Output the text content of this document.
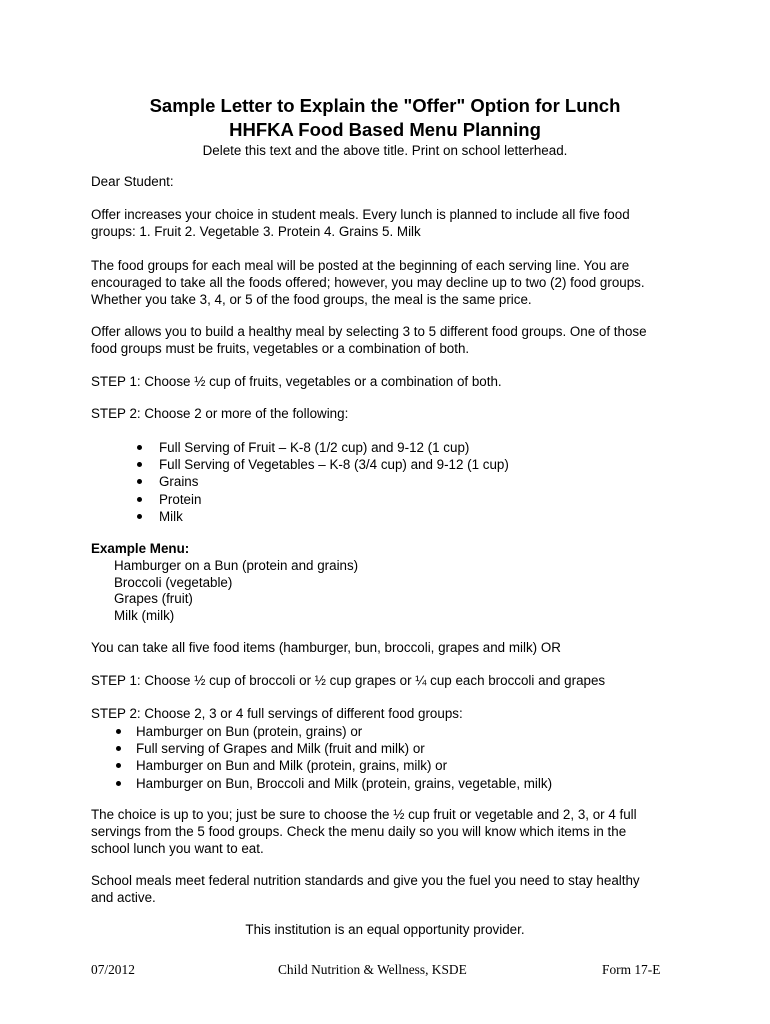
Sample Letter to Explain the "Offer" Option for Lunch
HHFKA Food Based Menu Planning
Delete this text and the above title. Print on school letterhead.
Dear Student:
Offer increases your choice in student meals. Every lunch is planned to include all five food
groups: 1. Fruit 2. Vegetable 3. Protein 4. Grains 5. Milk
The food groups for each meal will be posted at the beginning of each serving line. You are
encouraged to take all the foods offered; however, you may decline up to two (2) food groups.
Whether you take 3, 4, or 5 of the food groups, the meal is the same price.
Offer allows you to build a healthy meal by selecting 3 to 5 different food groups. One of those
food groups must be fruits, vegetables or a combination of both.
STEP 1: Choose ½ cup of fruits, vegetables or a combination of both.
STEP 2: Choose 2 or more of the following:
Full Serving of Fruit – K-8 (1/2 cup) and 9-12 (1 cup)
Full Serving of Vegetables – K-8 (3/4 cup) and 9-12 (1 cup)
Grains
Protein
Milk
Example Menu:
Hamburger on a Bun (protein and grains)
Broccoli (vegetable)
Grapes (fruit)
Milk (milk)
You can take all five food items (hamburger, bun, broccoli, grapes and milk) OR
STEP 1: Choose ½ cup of broccoli or ½ cup grapes or ¼ cup each broccoli and grapes
STEP 2: Choose 2, 3 or 4 full servings of different food groups:
Hamburger on Bun (protein, grains) or
Full serving of Grapes and Milk (fruit and milk) or
Hamburger on Bun and Milk (protein, grains, milk) or
Hamburger on Bun, Broccoli and Milk (protein, grains, vegetable, milk)
The choice is up to you; just be sure to choose the ½ cup fruit or vegetable and 2, 3, or 4 full
servings from the 5 food groups. Check the menu daily so you will know which items in the
school lunch you want to eat.
School meals meet federal nutrition standards and give you the fuel you need to stay healthy
and active.
This institution is an equal opportunity provider.
07/2012	Child Nutrition & Wellness, KSDE	Form 17-E
